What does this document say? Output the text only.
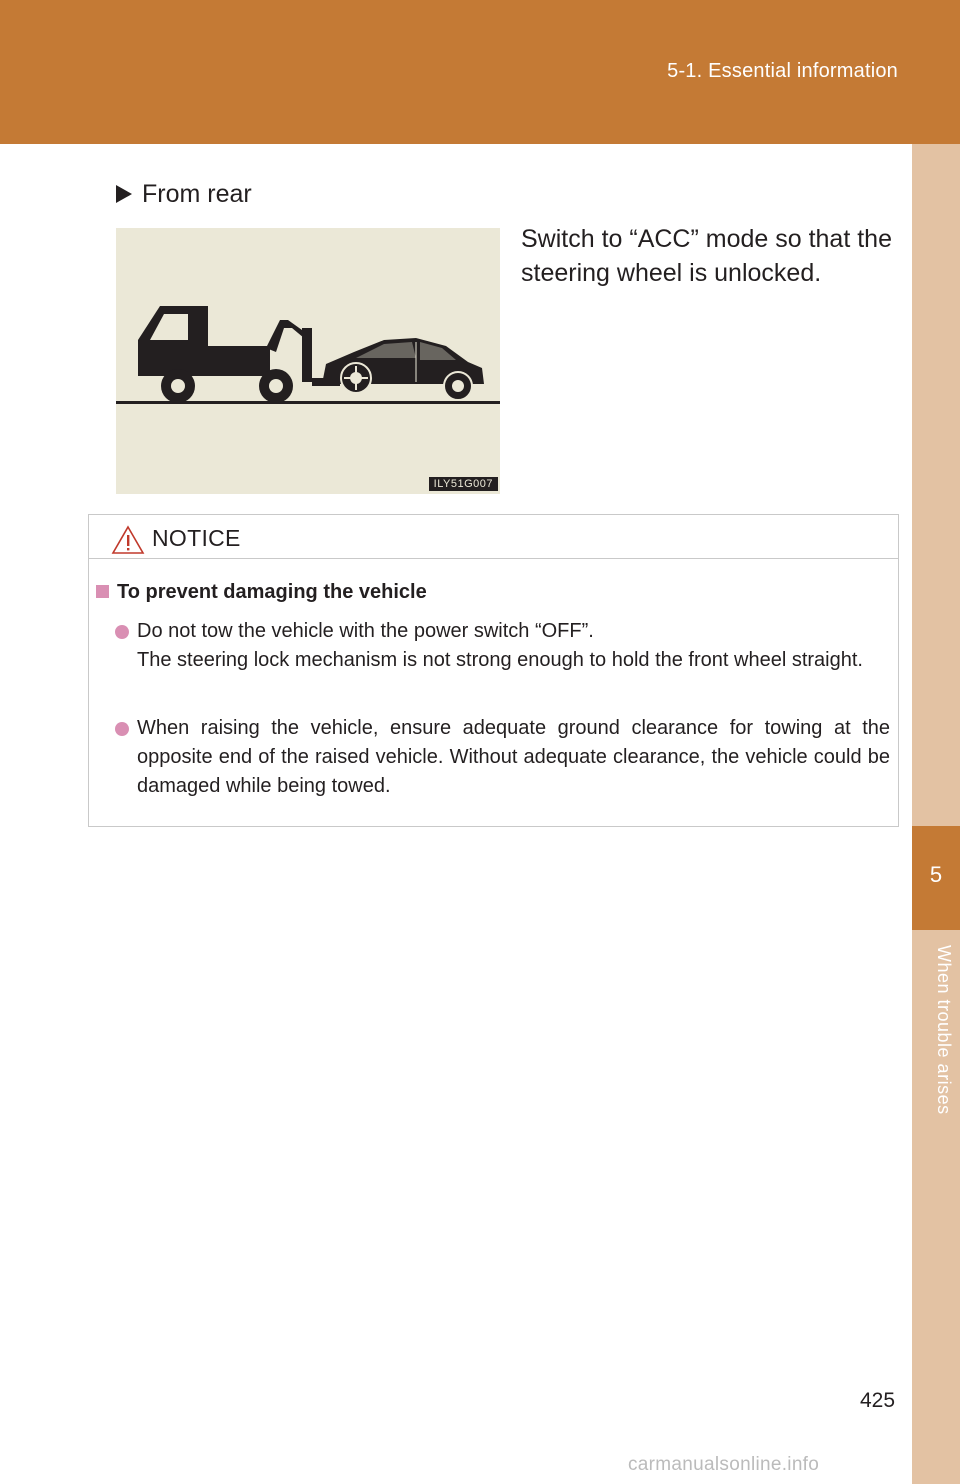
5-1. Essential information
5
When trouble arises
From rear
ILY51G007
Switch to “ACC” mode so that the steering wheel is unlocked.
NOTICE
To prevent damaging the vehicle
Do not tow the vehicle with the power switch “OFF”.
The steering lock mechanism is not strong enough to hold the front wheel straight.
When raising the vehicle, ensure adequate ground clearance for towing at the opposite end of the raised vehicle. Without adequate clearance, the vehicle could be damaged while being towed.
425
carmanualsonline.info
